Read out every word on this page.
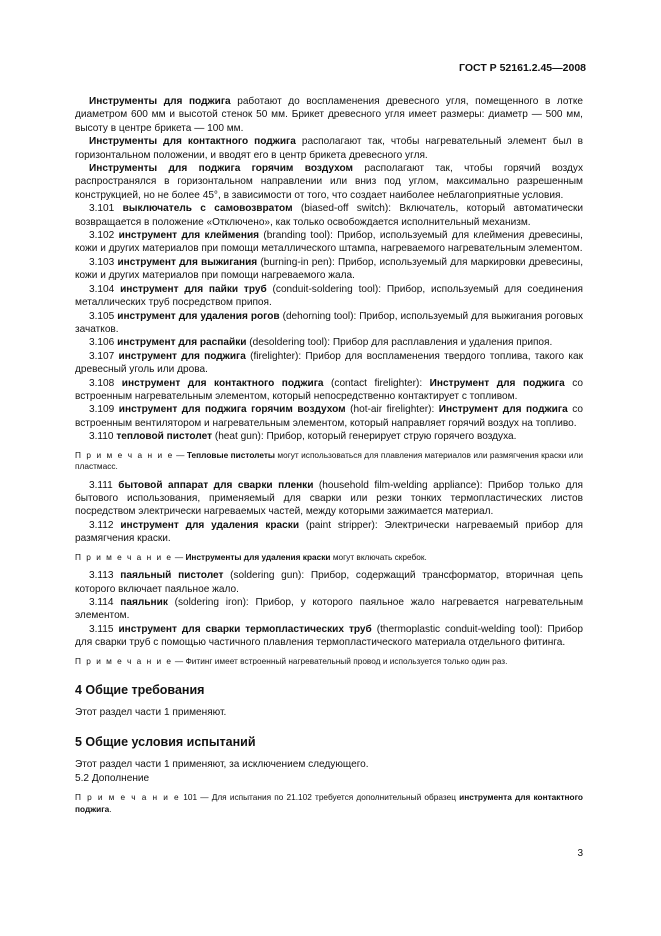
ГОСТ Р 52161.2.45—2008

Инструменты для поджига работают до воспламенения древесного угля, помещенного в лотке диаметром 600 мм и высотой стенок 50 мм. Брикет древесного угля имеет размеры: диаметр — 500 мм, высоту в центре брикета — 100 мм.

Инструменты для контактного поджига располагают так, чтобы нагревательный элемент был в горизонтальном положении, и вводят его в центр брикета древесного угля.

Инструменты для поджига горячим воздухом располагают так, чтобы горячий воздух распространялся в горизонтальном направлении или вниз под углом, максимально разрешенным конструкцией, но не более 45°, в зависимости от того, что создает наиболее неблагоприятные условия.

3.101 выключатель с самовозвратом (biased-off switch): Включатель, который автоматически возвращается в положение «Отключено», как только освобождается исполнительный механизм.

3.102 инструмент для клеймения (branding tool): Прибор, используемый для клеймения древесины, кожи и других материалов при помощи металлического штампа, нагреваемого нагревательным элементом.

3.103 инструмент для выжигания (burning-in pen): Прибор, используемый для маркировки древесины, кожи и других материалов при помощи нагреваемого жала.

3.104 инструмент для пайки труб (conduit-soldering tool): Прибор, используемый для соединения металлических труб посредством припоя.

3.105 инструмент для удаления рогов (dehorning tool): Прибор, используемый для выжигания роговых зачатков.

3.106 инструмент для распайки (desoldering tool): Прибор для расплавления и удаления припоя.

3.107 инструмент для поджига (firelighter): Прибор для воспламенения твердого топлива, такого как древесный уголь или дрова.

3.108 инструмент для контактного поджига (contact firelighter): Инструмент для поджига со встроенным нагревательным элементом, который непосредственно контактирует с топливом.

3.109 инструмент для поджига горячим воздухом (hot-air firelighter): Инструмент для поджига со встроенным вентилятором и нагревательным элементом, который направляет горячий воздух на топливо.

3.110 тепловой пистолет (heat gun): Прибор, который генерирует струю горячего воздуха.

П р и м е ч а н и е — Тепловые пистолеты могут использоваться для плавления материалов или размягчения краски или пластмасс.

3.111 бытовой аппарат для сварки пленки (household film-welding appliance): Прибор только для бытового использования, применяемый для сварки или резки тонких термопластических листов посредством электрически нагреваемых частей, между которыми зажимается материал.

3.112 инструмент для удаления краски (paint stripper): Электрически нагреваемый прибор для размягчения краски.

П р и м е ч а н и е — Инструменты для удаления краски могут включать скребок.

3.113 паяльный пистолет (soldering gun): Прибор, содержащий трансформатор, вторичная цепь которого включает паяльное жало.

3.114 паяльник (soldering iron): Прибор, у которого паяльное жало нагревается нагревательным элементом.

3.115 инструмент для сварки термопластических труб (thermoplastic conduit-welding tool): Прибор для сварки труб с помощью частичного плавления термопластического материала отдельного фитинга.

П р и м е ч а н и е — Фитинг имеет встроенный нагревательный провод и используется только один раз.

4 Общие требования

Этот раздел части 1 применяют.

5 Общие условия испытаний

Этот раздел части 1 применяют, за исключением следующего.

5.2 Дополнение

П р и м е ч а н и е 101 — Для испытания по 21.102 требуется дополнительный образец инструмента для контактного поджига.

3
